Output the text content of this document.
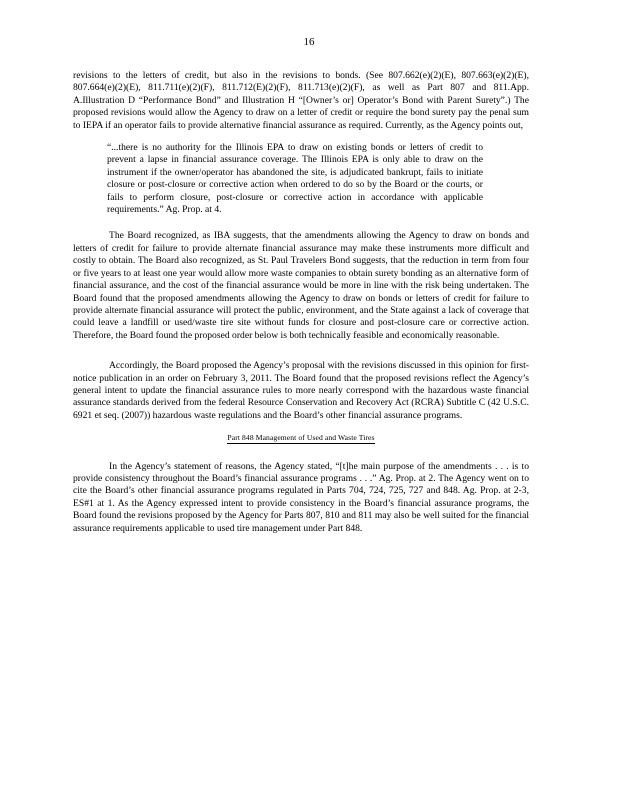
16

revisions to the letters of credit, but also in the revisions to bonds. (See 807.662(e)(2)(E), 807.663(e)(2)(E), 807.664(e)(2)(E), 811.711(e)(2)(F), 811.712(E)(2)(F), 811.713(e)(2)(F), as well as Part 807 and 811.App. A.Illustration D “Performance Bond” and Illustration H “[Owner’s or] Operator’s Bond with Parent Surety”.) The proposed revisions would allow the Agency to draw on a letter of credit or require the bond surety pay the penal sum to IEPA if an operator fails to provide alternative financial assurance as required. Currently, as the Agency points out,

“...there is no authority for the Illinois EPA to draw on existing bonds or letters of credit to prevent a lapse in financial assurance coverage. The Illinois EPA is only able to draw on the instrument if the owner/operator has abandoned the site, is adjudicated bankrupt, fails to initiate closure or post-closure or corrective action when ordered to do so by the Board or the courts, or fails to perform closure, post-closure or corrective action in accordance with applicable requirements.” Ag. Prop. at 4.

The Board recognized, as IBA suggests, that the amendments allowing the Agency to draw on bonds and letters of credit for failure to provide alternate financial assurance may make these instruments more difficult and costly to obtain. The Board also recognized, as St. Paul Travelers Bond suggests, that the reduction in term from four or five years to at least one year would allow more waste companies to obtain surety bonding as an alternative form of financial assurance, and the cost of the financial assurance would be more in line with the risk being undertaken. The Board found that the proposed amendments allowing the Agency to draw on bonds or letters of credit for failure to provide alternate financial assurance will protect the public, environment, and the State against a lack of coverage that could leave a landfill or used/waste tire site without funds for closure and post-closure care or corrective action. Therefore, the Board found the proposed order below is both technically feasible and economically reasonable.

Accordingly, the Board proposed the Agency’s proposal with the revisions discussed in this opinion for first-notice publication in an order on February 3, 2011. The Board found that the proposed revisions reflect the Agency’s general intent to update the financial assurance rules to more nearly correspond with the hazardous waste financial assurance standards derived from the federal Resource Conservation and Recovery Act (RCRA) Subtitle C (42 U.S.C. 6921 et seq. (2007)) hazardous waste regulations and the Board’s other financial assurance programs.

Part 848 Management of Used and Waste Tires

In the Agency’s statement of reasons, the Agency stated, “[t]he main purpose of the amendments . . . is to provide consistency throughout the Board’s financial assurance programs . . .” Ag. Prop. at 2. The Agency went on to cite the Board’s other financial assurance programs regulated in Parts 704, 724, 725, 727 and 848. Ag. Prop. at 2-3, ES#1 at 1. As the Agency expressed intent to provide consistency in the Board’s financial assurance programs, the Board found the revisions proposed by the Agency for Parts 807, 810 and 811 may also be well suited for the financial assurance requirements applicable to used tire management under Part 848.
